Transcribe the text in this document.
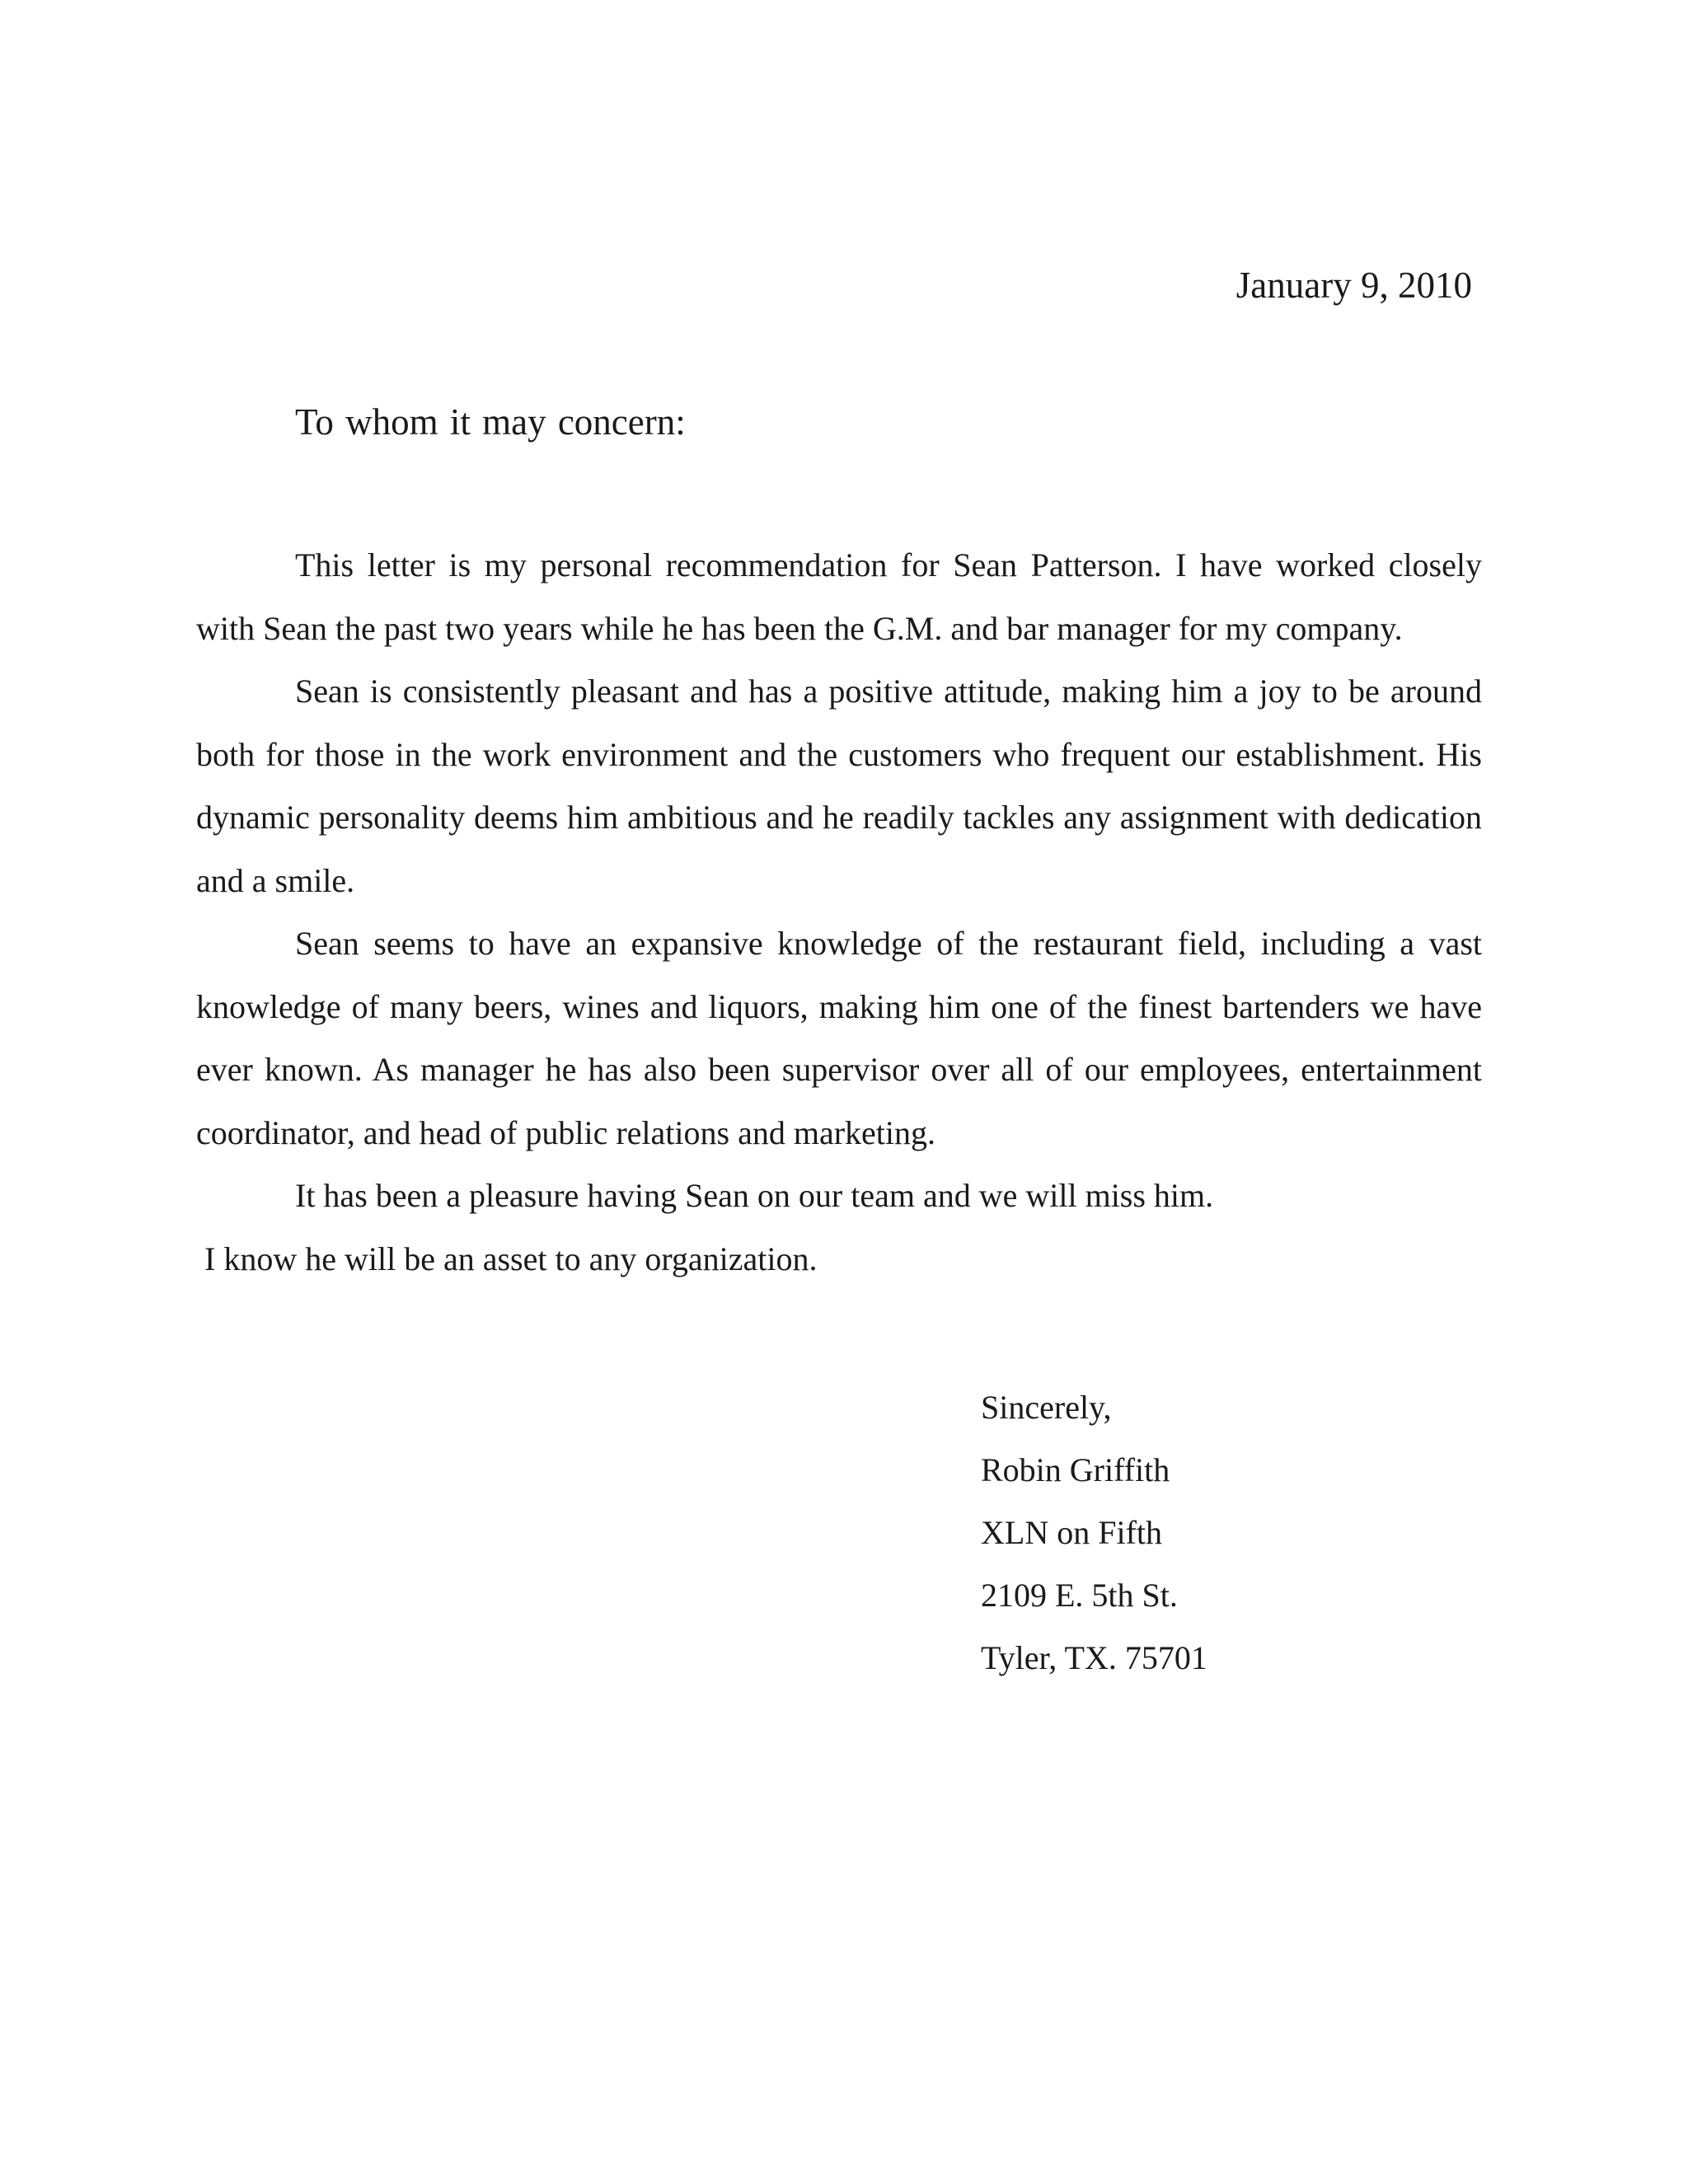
January 9, 2010
To whom it may concern:

This letter is my personal recommendation for Sean Patterson. I have worked closely with Sean the past two years while he has been the G.M. and bar manager for my company.

Sean is consistently pleasant and has a positive attitude, making him a joy to be around both for those in the work environment and the customers who frequent our establishment. His dynamic personality deems him ambitious and he readily tackles any assignment with dedication and a smile.

Sean seems to have an expansive knowledge of the restaurant field, including a vast knowledge of many beers, wines and liquors, making him one of the finest bartenders we have ever known. As manager he has also been supervisor over all of our employees, entertainment coordinator, and head of public relations and marketing.

It has been a pleasure having Sean on our team and we will miss him.

I know he will be an asset to any organization.

Sincerely,
Robin Griffith
XLN on Fifth
2109 E. 5th St.
Tyler, TX. 75701
